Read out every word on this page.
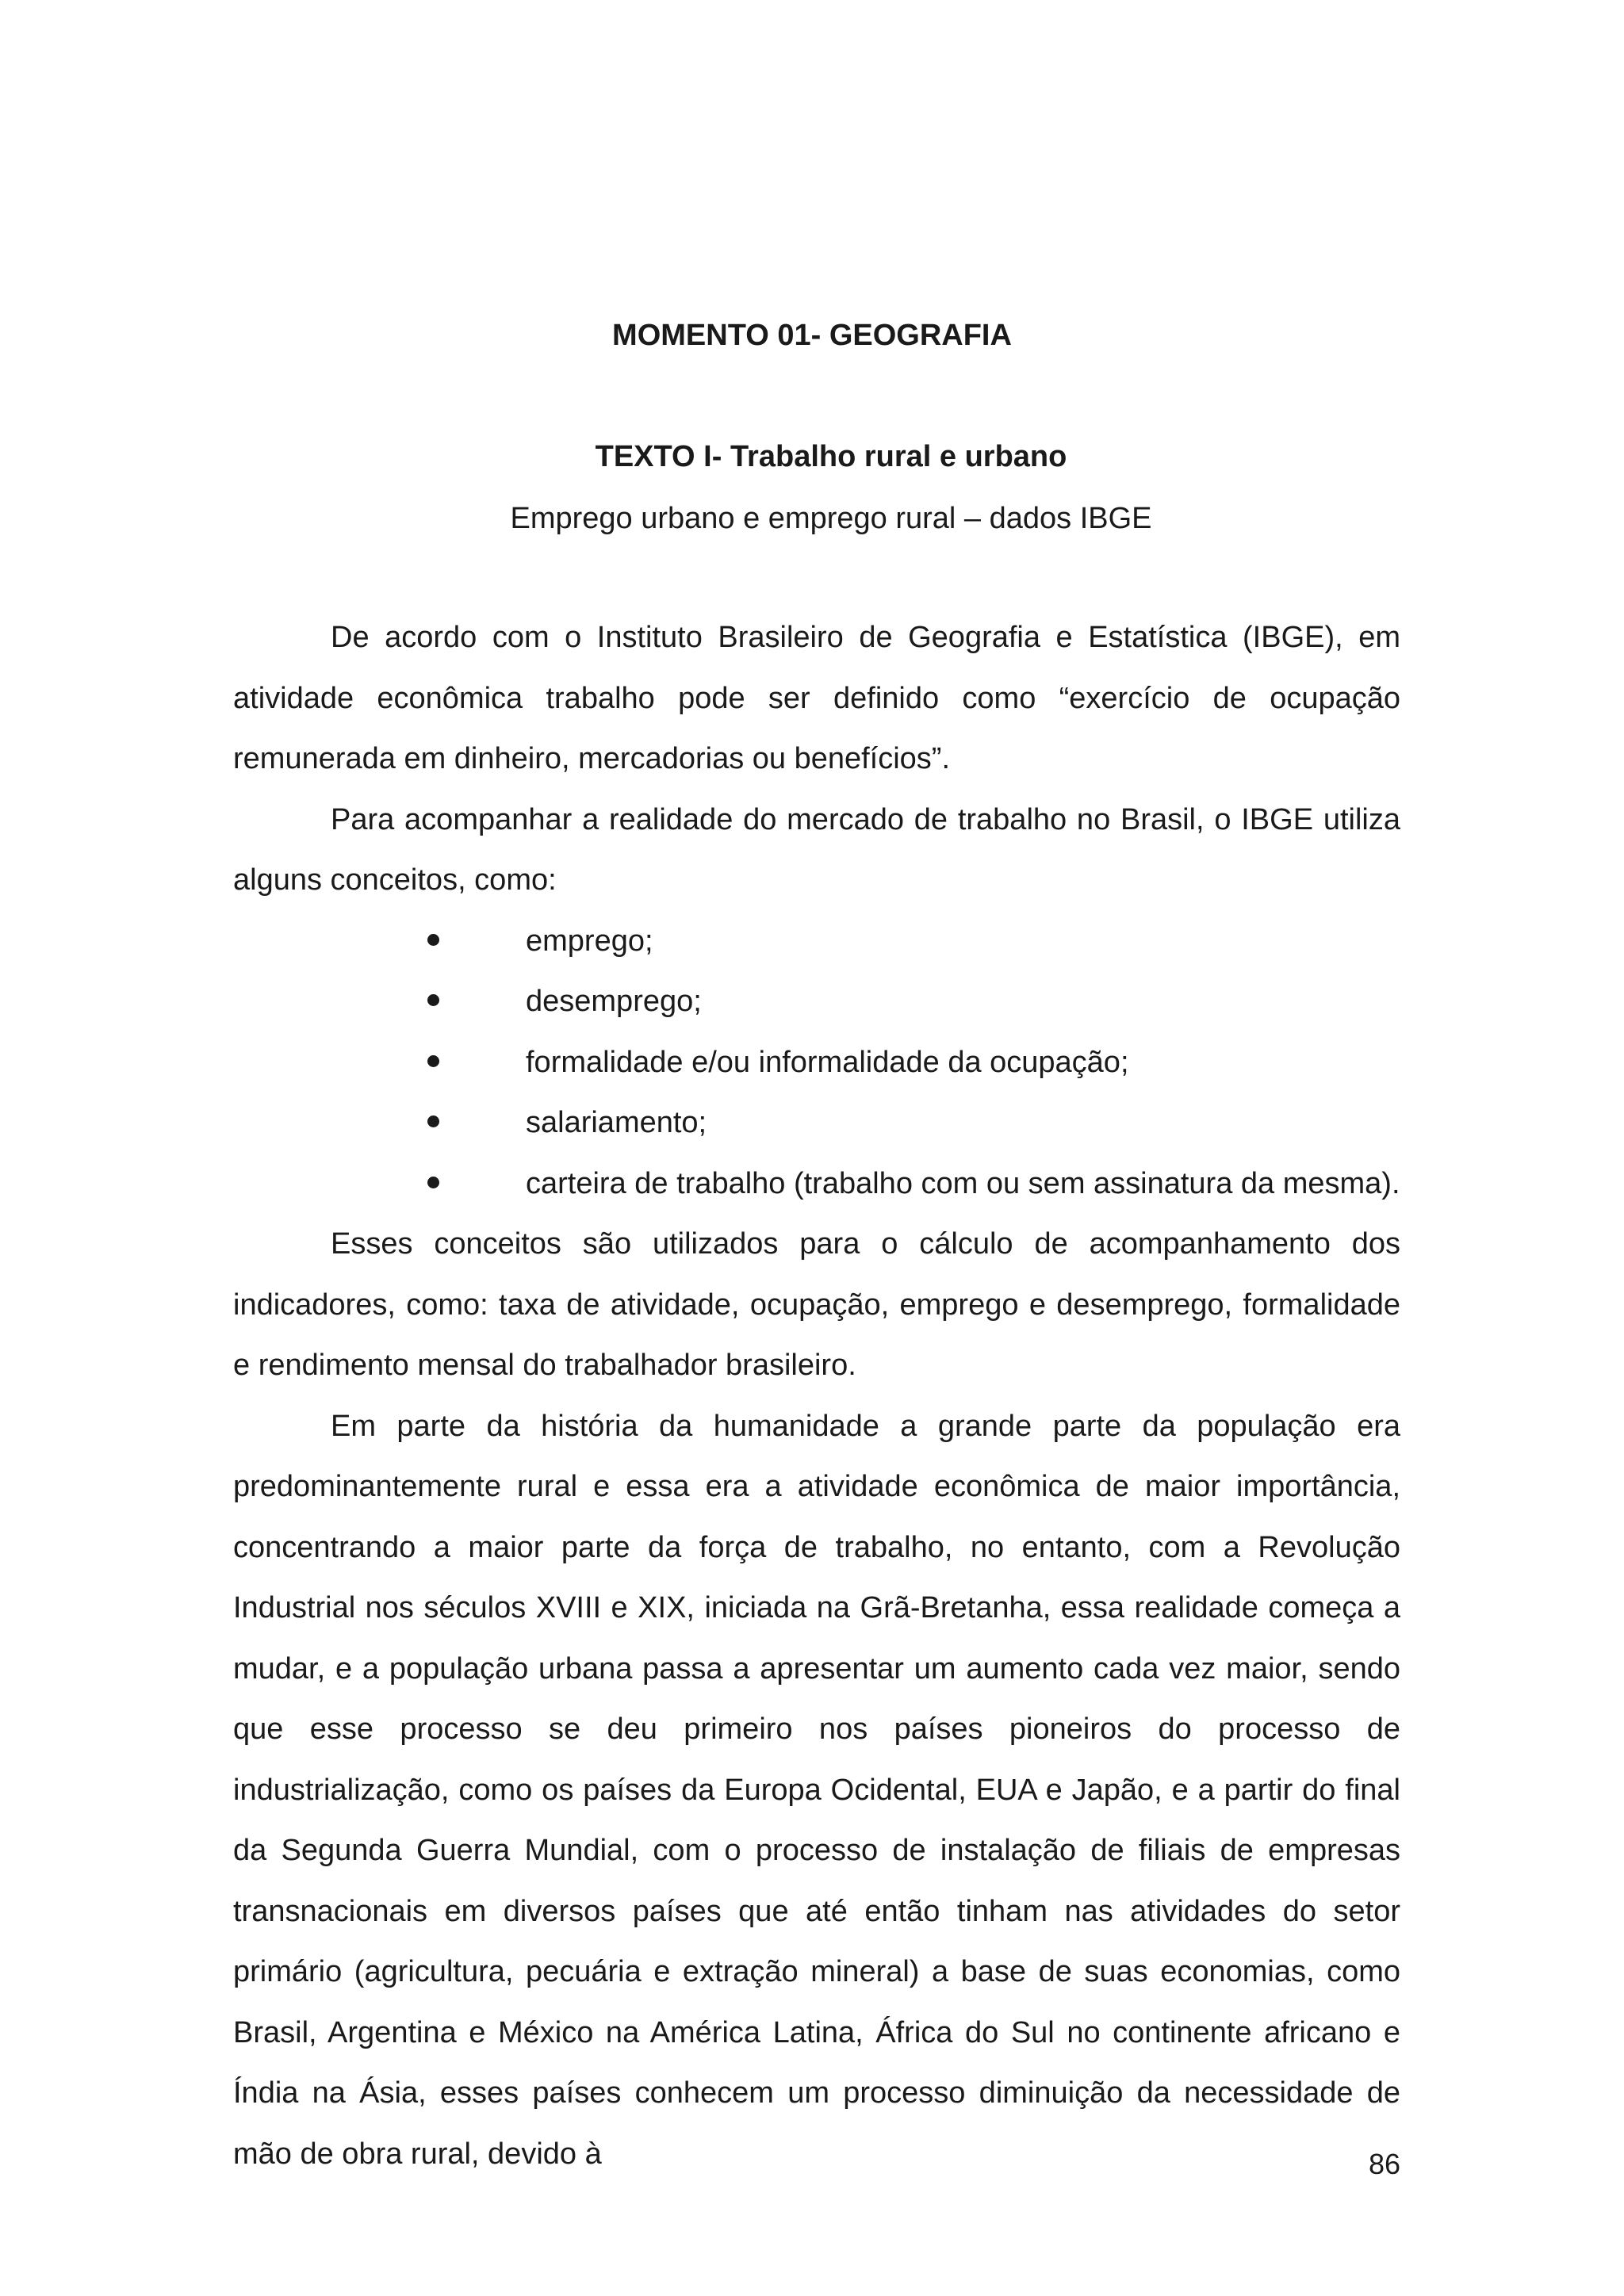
MOMENTO 01- GEOGRAFIA
TEXTO I- Trabalho rural e urbano
Emprego urbano e emprego rural – dados IBGE

De acordo com o Instituto Brasileiro de Geografia e Estatística (IBGE), em atividade econômica trabalho pode ser definido como “exercício de ocupação remunerada em dinheiro, mercadorias ou benefícios”.

Para acompanhar a realidade do mercado de trabalho no Brasil, o IBGE utiliza alguns conceitos, como:

emprego;
desemprego;
formalidade e/ou informalidade da ocupação;
salariamento;
carteira de trabalho (trabalho com ou sem assinatura da mesma).

Esses conceitos são utilizados para o cálculo de acompanhamento dos indicadores, como: taxa de atividade, ocupação, emprego e desemprego, formalidade e rendimento mensal do trabalhador brasileiro.

Em parte da história da humanidade a grande parte da população era predominantemente rural e essa era a atividade econômica de maior importância, concentrando a maior parte da força de trabalho, no entanto, com a Revolução Industrial nos séculos XVIII e XIX, iniciada na Grã-Bretanha, essa realidade começa a mudar, e a população urbana passa a apresentar um aumento cada vez maior, sendo que esse processo se deu primeiro nos países pioneiros do processo de industrialização, como os países da Europa Ocidental, EUA e Japão, e a partir do final da Segunda Guerra Mundial, com o processo de instalação de filiais de empresas transnacionais em diversos países que até então tinham nas atividades do setor primário (agricultura, pecuária e extração mineral) a base de suas economias, como Brasil, Argentina e México na América Latina, África do Sul no continente africano e Índia na Ásia, esses países conhecem um processo diminuição da necessidade de mão de obra rural, devido à	86
